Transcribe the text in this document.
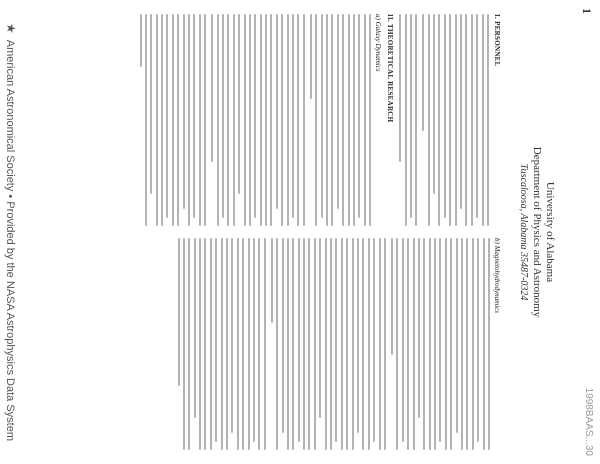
1
1998BAAS...30
University of Alabama
Department of Physics and Astronomy
Tuscaloosa, Alabama 35487-0324
I. PERSONNEL
II. THEORETICAL RESEARCH
a) Galaxy Dynamics
b) Magnetohydrodynamics
★American Astronomical Society • Provided by the NASA Astrophysics Data System
